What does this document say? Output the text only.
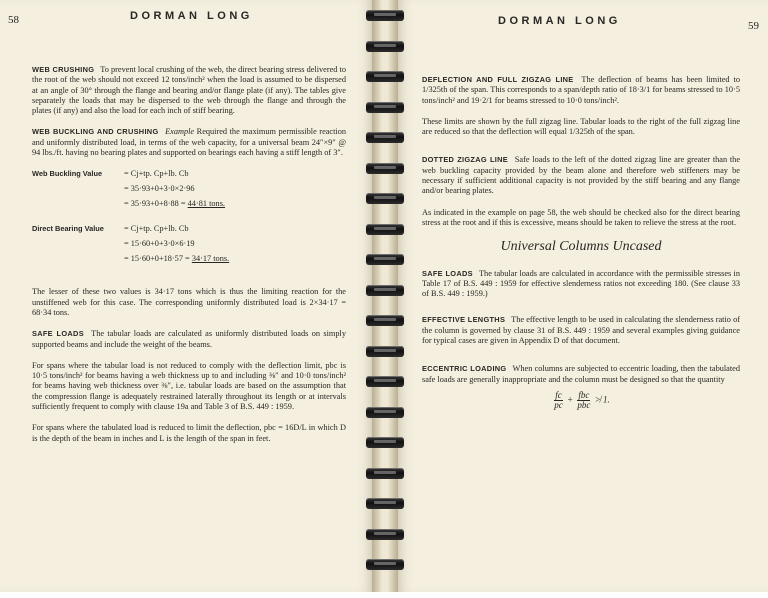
58	DORMAN LONG

WEB CRUSHING To prevent local crushing of the web, the direct bearing stress delivered to the root of the web should not exceed 12 tons/inch² when the load is assumed to be dispersed at an angle of 30° through the flange and bearing and/or flange plate (if any). The tables give separately the loads that may be dispersed to the web through the flange and through the plates (if any) and also the load for each inch of stiff bearing.

WEB BUCKLING AND CRUSHING Example Required the maximum permissible reaction and uniformly distributed load, in terms of the web capacity, for a universal beam 24″×9″ @ 94 lbs./ft. having no bearing plates and supported on bearings each having a stiff length of 3″.

Web Buckling Value	= Cj+tp. Cp+lb. Cb
= 35·93+0+3·0×2·96
= 35·93+0+8·88 = 44·81 tons.
Direct Bearing Value = Cj+tp. Cp+lb. Cb
= 15·60+0+3·0×6·19
= 15·60+0+18·57 = 34·17 tons.

The lesser of these two values is 34·17 tons which is thus the limiting reaction for the unstiffened web for this case. The corresponding uniformly distributed load is 2×34·17 = 68·34 tons.

SAFE LOADS The tabular loads are calculated as uniformly distributed loads on simply supported beams and include the weight of the beams.

For spans where the tabular load is not reduced to comply with the deflection limit, pbc is 10·5 tons/inch² for beams having a web thickness up to and including ⅜″ and 10·0 tons/inch² for beams having web thickness over ⅜″, i.e. tabular loads are based on the assumption that the compression flange is adequately restrained laterally throughout its length or at intervals sufficiently frequent to comply with clause 19a and Table 3 of B.S. 449 : 1959.

For spans where the tabulated load is reduced to limit the deflection, pbc = 16D/L in which D is the depth of the beam in inches and L is the length of the span in feet.

59
DORMAN LONG

DEFLECTION AND FULL ZIGZAG LINE The deflection of beams has been limited to 1/325th of the span. This corresponds to a span/depth ratio of 18·3/1 for beams stressed to 10·5 tons/inch² and 19·2/1 for beams stressed to 10·0 tons/inch².

These limits are shown by the full zigzag line. Tabular loads to the right of the full zigzag line are reduced so that the deflection will equal 1/325th of the span.

DOTTED ZIGZAG LINE Safe loads to the left of the dotted zigzag line are greater than the web buckling capacity provided by the beam alone and therefore web stiffeners may be necessary if sufficient additional capacity is not provided by the stiff bearing and any flange and/or bearing plates.

As indicated in the example on page 58, the web should be checked also for the direct bearing stress at the root and if this is excessive, means should be taken to relieve the stress at the root.

Universal Columns Uncased

SAFE LOADS The tabular loads are calculated in accordance with the permissible stresses in Table 17 of B.S. 449 : 1959 for effective slenderness ratios not exceeding 180. (See clause 33 of B.S. 449 : 1959.)

EFFECTIVE LENGTHS The effective length to be used in calculating the slenderness ratio of the column is governed by clause 31 of B.S. 449 : 1959 and several examples giving guidance for typical cases are given in Appendix D of that document.

ECCENTRIC LOADING When columns are subjected to eccentric loading, then the tabulated safe loads are generally inappropriate and the column must be designed so that the quantity

$\frac{fc}{pc} + \frac{\text{fbc}}{\text{pbc}}$ ≯ 1.
